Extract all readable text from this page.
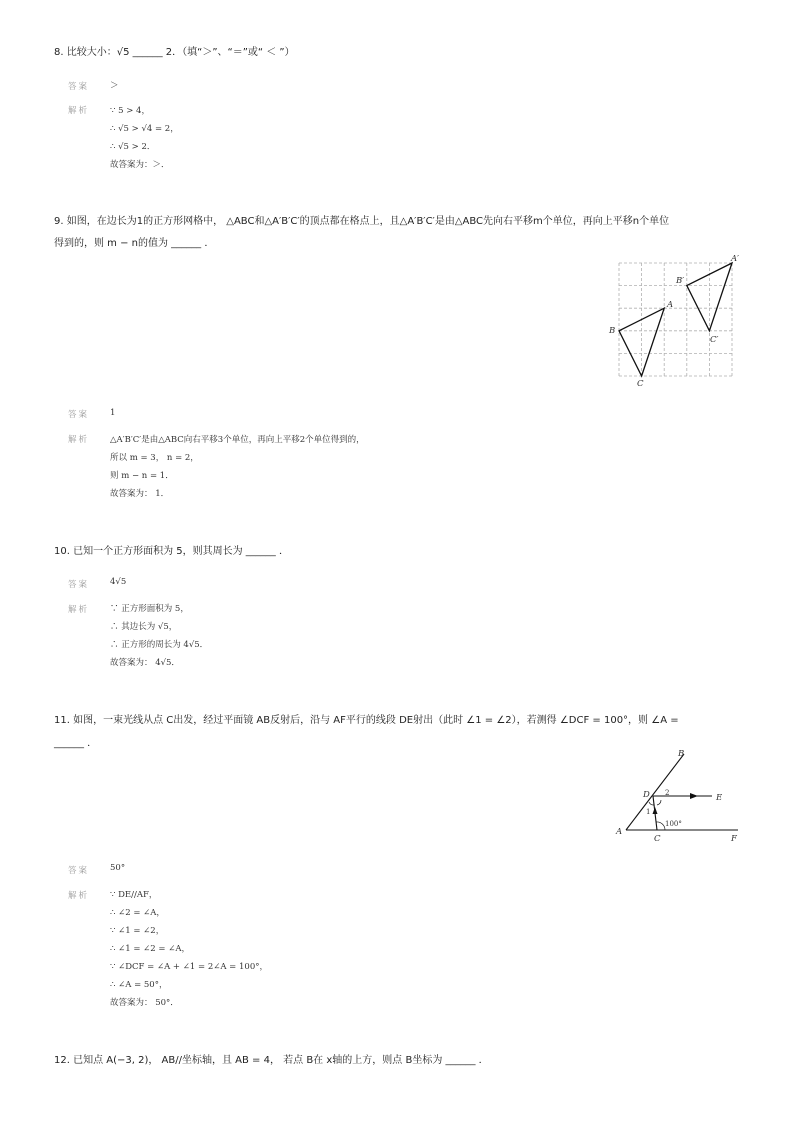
8. 比较大小：√5 ______ 2．（填“＞”、“＝”或“ ＜ ”）
答案 ＞
解析 ∵ 5 > 4，
∴ √5 > √4 = 2，
∴ √5 > 2．
故答案为：＞．
9. 如图，在边长为1的正方形网格中， △ABC和△A′B′C′的顶点都在格点上，且△A′B′C′是由△ABC先向右平移m个单位，再向上平移n个单位
得到的，则 m − n的值为 ______ ．
A
B
C
A′
B′
C′
答案 1
解析 △A′B′C′是由△ABC向右平移3个单位，再向上平移2个单位得到的，
所以 m = 3， n = 2，
则 m − n = 1．
故答案为： 1．
10. 已知一个正方形面积为 5，则其周长为 ______ ．
答案 4√5
解析 ∵ 正方形面积为 5，
∴ 其边长为 √5，
∴ 正方形的周长为 4√5．
故答案为： 4√5．
11. 如图，一束光线从点 C出发，经过平面镜 AB反射后，沿与 AF平行的线段 DE射出（此时 ∠1 = ∠2），若测得 ∠DCF = 100°，则 ∠A =
______ ．
A
B
C
D	E
F
2
1
100°
答案 50°
解析 ∵ DE//AF，
∴ ∠2 = ∠A，
∵ ∠1 = ∠2，
∴ ∠1 = ∠2 = ∠A，
∵ ∠DCF = ∠A + ∠1 = 2∠A = 100°，
∴ ∠A = 50°，
故答案为： 50°．
12. 已知点 A(−3, 2)， AB//坐标轴，且 AB = 4， 若点 B在 x轴的上方，则点 B坐标为 ______ ．
